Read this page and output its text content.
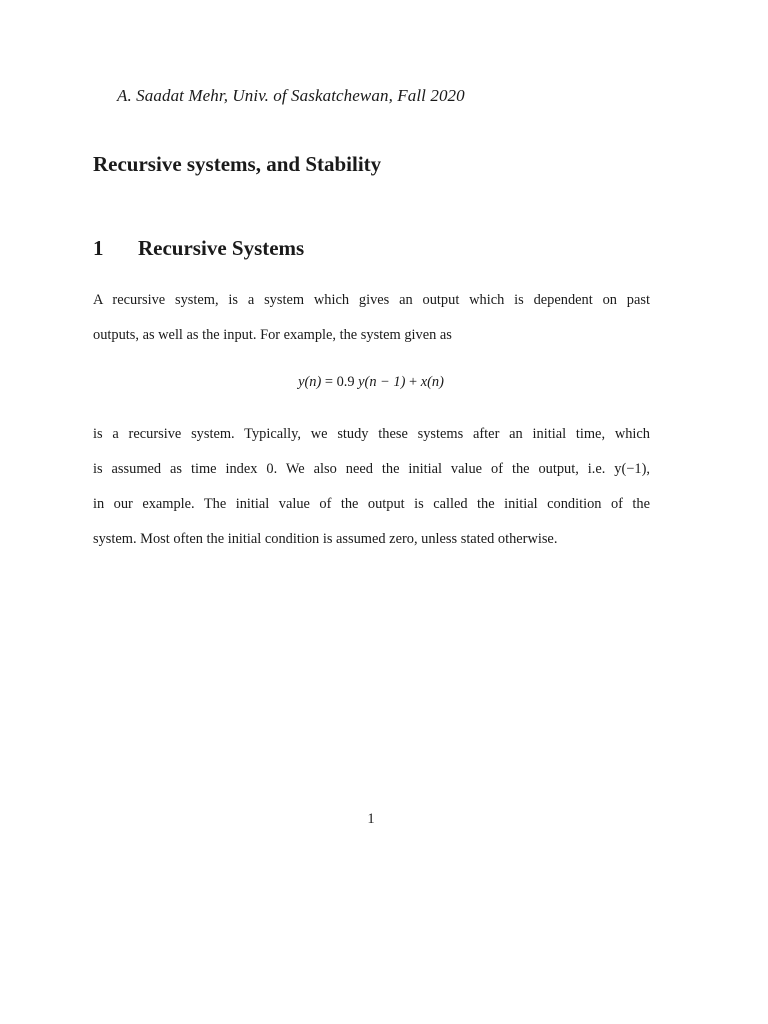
A. Saadat Mehr, Univ. of Saskatchewan, Fall 2020
Recursive systems, and Stability
1	Recursive Systems

A recursive system, is a system which gives an output which is dependent on past
outputs, as well as the input. For example, the system given as

y(n) = 0.9 y(n − 1) + x(n)

is a recursive system. Typically, we study these systems after an initial time, which
is assumed as time index 0. We also need the initial value of the output, i.e. y(−1),
in our example. The initial value of the output is called the initial condition of the
system. Most often the initial condition is assumed zero, unless stated otherwise.

1
